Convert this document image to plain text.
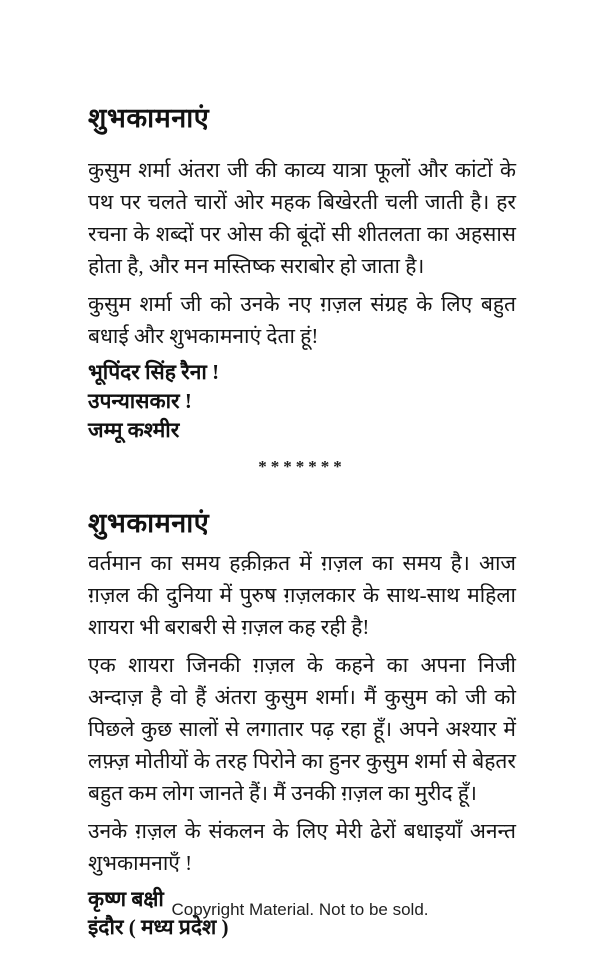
शुभकामनाएं

कुसुम शर्मा अंतरा जी की काव्य यात्रा फूलों और कांटों के पथ पर चलते चारों ओर महक बिखेरती चली जाती है। हर रचना के शब्दों पर ओस की बूंदों सी शीतलता का अहसास होता है, और मन मस्तिष्क सराबोर हो जाता है।

कुसुम शर्मा जी को उनके नए ग़ज़ल संग्रह के लिए बहुत बधाई और शुभकामनाएं देता हूं!

भूपिंदर सिंह रैना !
उपन्यासकार !
जम्मू कश्मीर
*******
शुभकामनाएं

वर्तमान का समय हक़ीक़त में ग़ज़ल का समय है। आज ग़ज़ल की दुनिया में पुरुष ग़ज़लकार के साथ-साथ महिला शायरा भी बराबरी से ग़ज़ल कह रही है!

एक शायरा जिनकी ग़ज़ल के कहने का अपना निजी अन्दाज़ है वो हैं अंतरा कुसुम शर्मा। मैं कुसुम को जी को पिछले कुछ सालों से लगातार पढ़ रहा हूँ। अपने अश्यार में लफ़्ज़ मोतीयों के तरह पिरोने का हुनर कुसुम शर्मा से बेहतर बहुत कम लोग जानते हैं। मैं उनकी ग़ज़ल का मुरीद हूँ।

उनके ग़ज़ल के संकलन के लिए मेरी ढेरों बधाइयाँ अनन्त शुभकामनाएँ !

कृष्ण बक्षी
इंदौर ( मध्य प्रदेश )
Copyright Material. Not to be sold.
